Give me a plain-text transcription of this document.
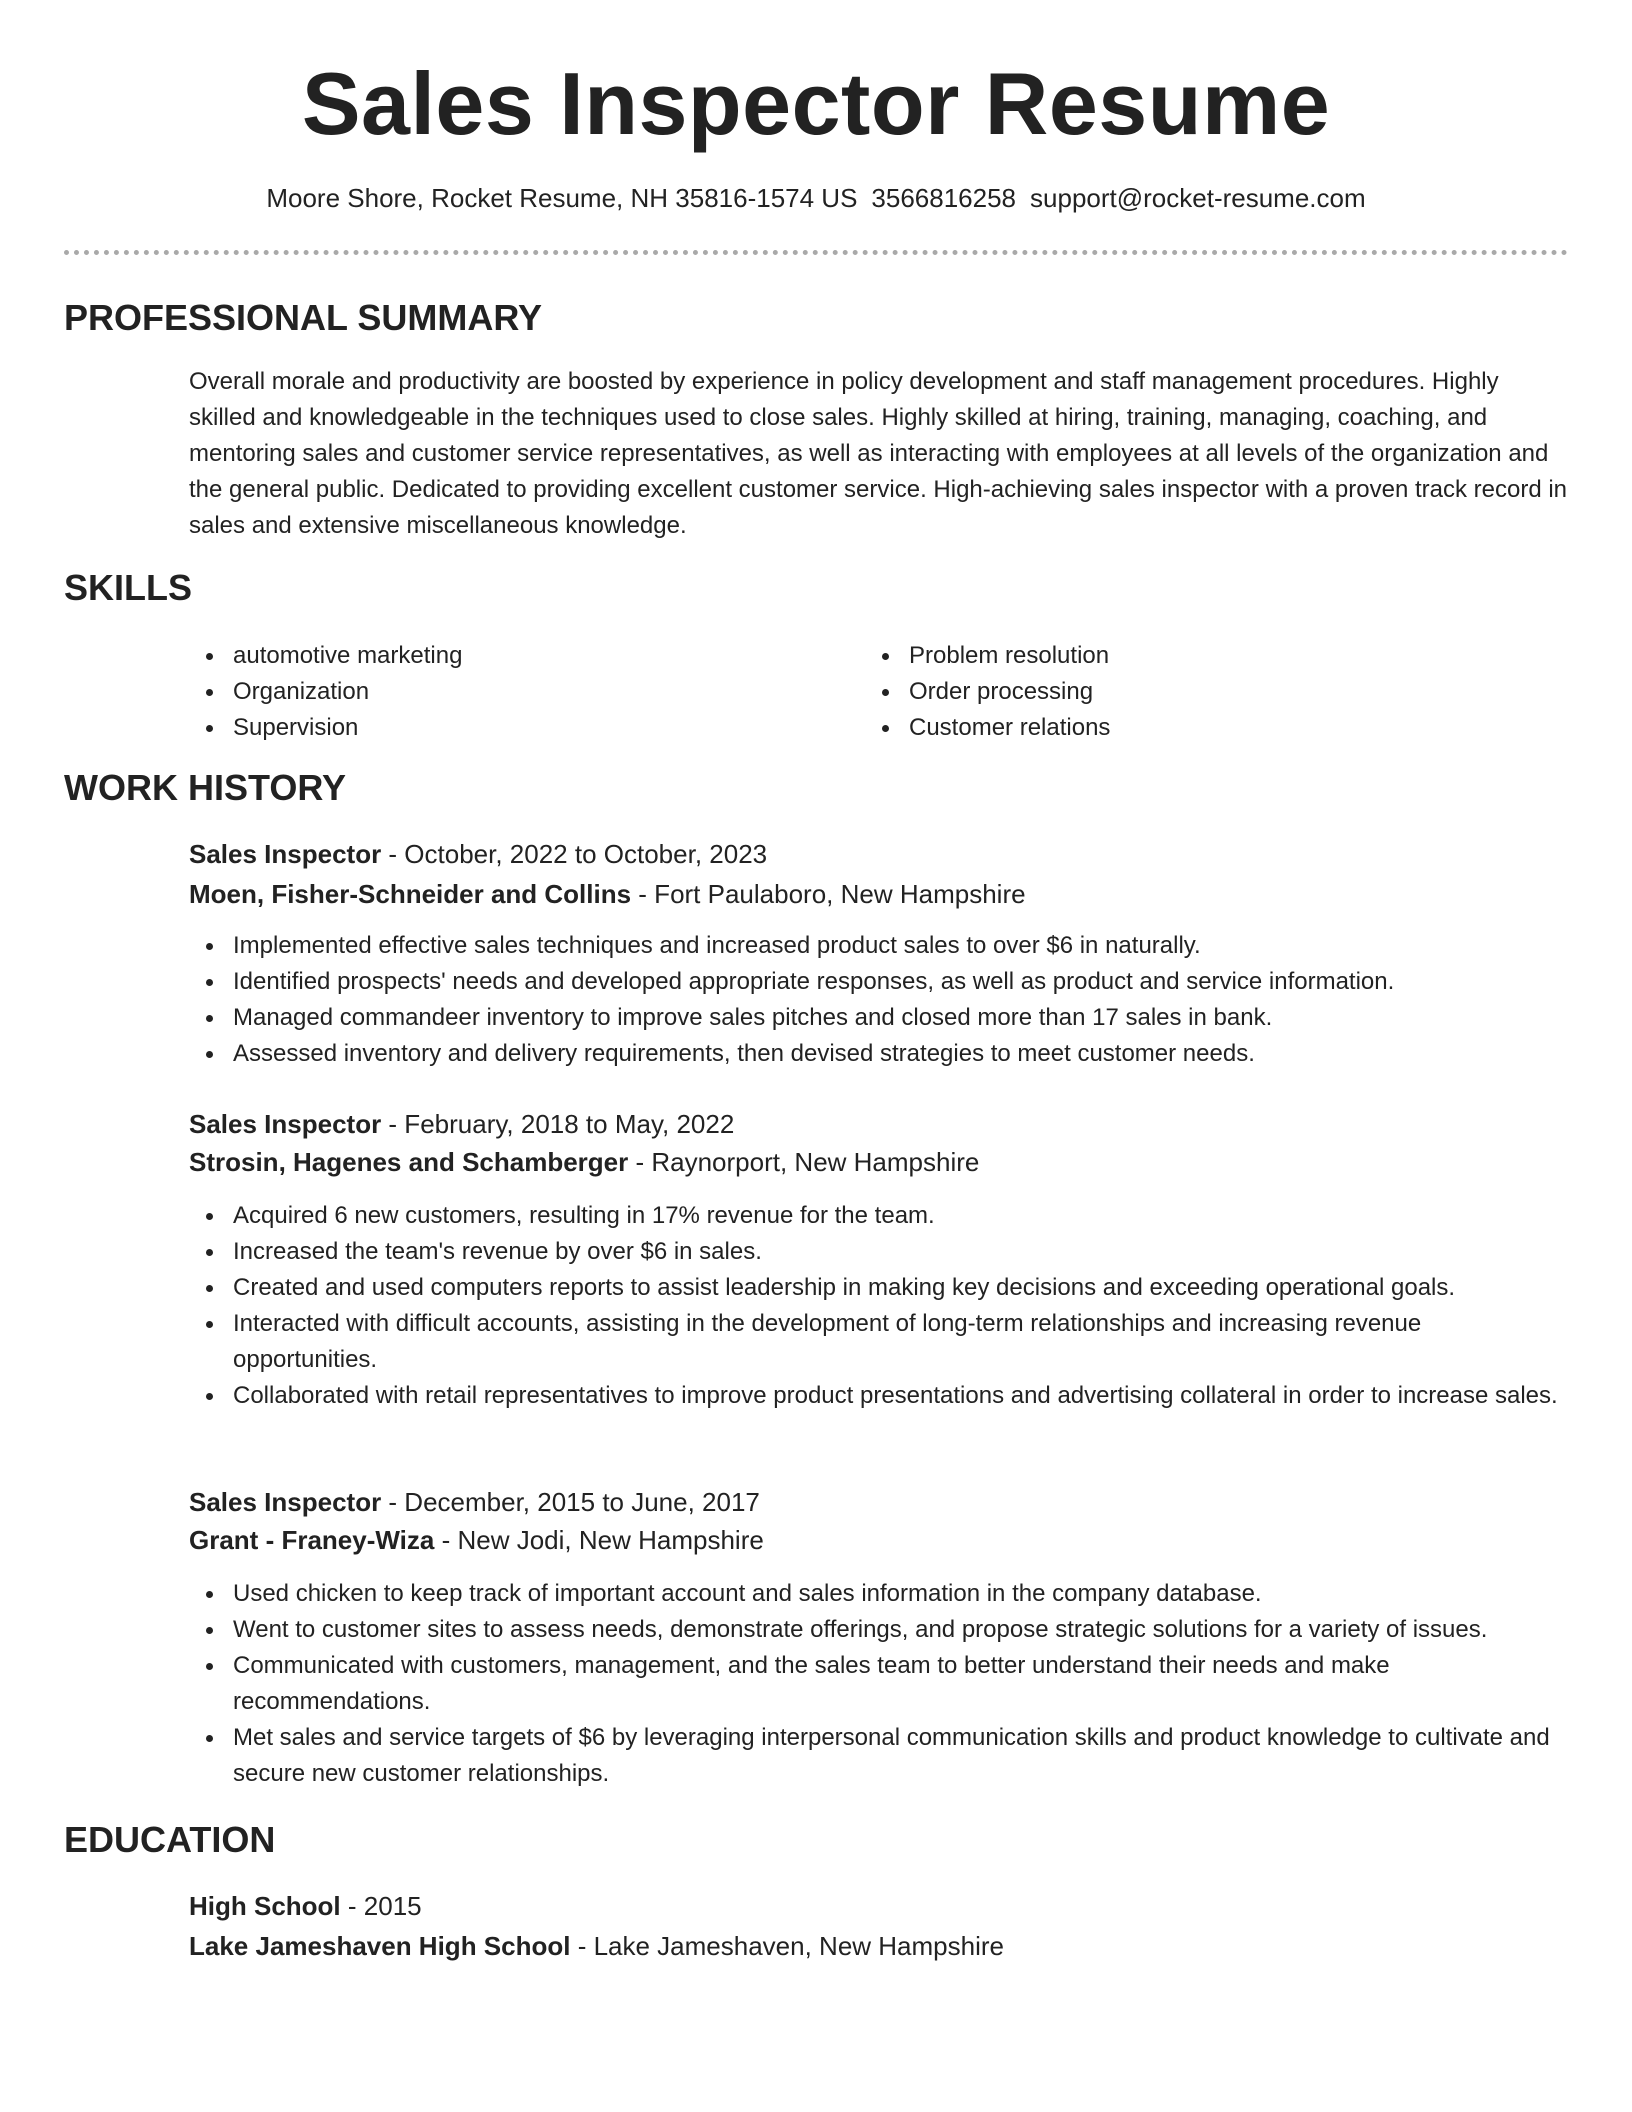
Sales Inspector Resume
Moore Shore, Rocket Resume, NH 35816-1574 US 3566816258 support@rocket-resume.com
PROFESSIONAL SUMMARY

Overall morale and productivity are boosted by experience in policy development and staff management procedures. Highly skilled and knowledgeable in the techniques used to close sales. Highly skilled at hiring, training, managing, coaching, and mentoring sales and customer service representatives, as well as interacting with employees at all levels of the organization and the general public. Dedicated to providing excellent customer service. High-achieving sales inspector with a proven track record in sales and extensive miscellaneous knowledge.

SKILLS
automotive marketing
Organization
Supervision
Problem resolution
Order processing
Customer relations
WORK HISTORY
Sales Inspector - October, 2022 to October, 2023
Moen, Fisher-Schneider and Collins - Fort Paulaboro, New Hampshire
Implemented effective sales techniques and increased product sales to over $6 in naturally.
Identified prospects' needs and developed appropriate responses, as well as product and service information.
Managed commandeer inventory to improve sales pitches and closed more than 17 sales in bank.
Assessed inventory and delivery requirements, then devised strategies to meet customer needs.
Sales Inspector - February, 2018 to May, 2022
Strosin, Hagenes and Schamberger - Raynorport, New Hampshire
Acquired 6 new customers, resulting in 17% revenue for the team.
Increased the team's revenue by over $6 in sales.
Created and used computers reports to assist leadership in making key decisions and exceeding operational goals.
Interacted with difficult accounts, assisting in the development of long-term relationships and increasing revenue opportunities.
Collaborated with retail representatives to improve product presentations and advertising collateral in order to increase sales.
Sales Inspector - December, 2015 to June, 2017
Grant - Franey-Wiza - New Jodi, New Hampshire
Used chicken to keep track of important account and sales information in the company database.
Went to customer sites to assess needs, demonstrate offerings, and propose strategic solutions for a variety of issues.
Communicated with customers, management, and the sales team to better understand their needs and make recommendations.
Met sales and service targets of $6 by leveraging interpersonal communication skills and product knowledge to cultivate and secure new customer relationships.
EDUCATION
High School - 2015
Lake Jameshaven High School - Lake Jameshaven, New Hampshire
